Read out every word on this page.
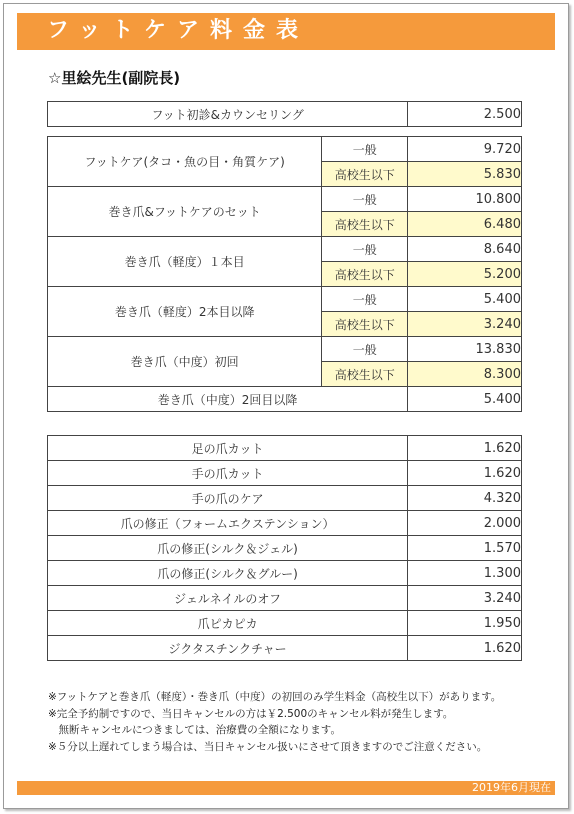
フットケア料金表
☆里絵先生(副院長)
フット初診&カウンセリング	2.500
フットケア(タコ・魚の目・角質ケア)	一般	9.720
	高校生以下	5.830
巻き爪&フットケアのセット	一般	10.800
	高校生以下	6.480
巻き爪（軽度）１本目	一般	8.640
	高校生以下	5.200
巻き爪（軽度）2本目以降	一般	5.400
	高校生以下	3.240
巻き爪（中度）初回	一般	13.830
	高校生以下	8.300
巻き爪（中度）2回目以降		5.400
足の爪カット	1.620
手の爪カット	1.620
手の爪のケア	4.320
爪の修正（フォームエクステンション）	2.000
爪の修正(シルク＆ジェル)	1.570
爪の修正(シルク＆グルー)	1.300
ジェルネイルのオフ	3.240
爪ピカピカ	1.950
ジクタスチンクチャー	1.620
※フットケアと巻き爪（軽度）・巻き爪（中度）の初回のみ学生料金（高校生以下）があります。
※完全予約制ですので、当日キャンセルの方は￥2.500のキャンセル料が発生します。
　無断キャンセルにつきましては、治療費の全額になります。
※５分以上遅れてしまう場合は、当日キャンセル扱いにさせて頂きますのでご注意ください。
2019年6月現在
